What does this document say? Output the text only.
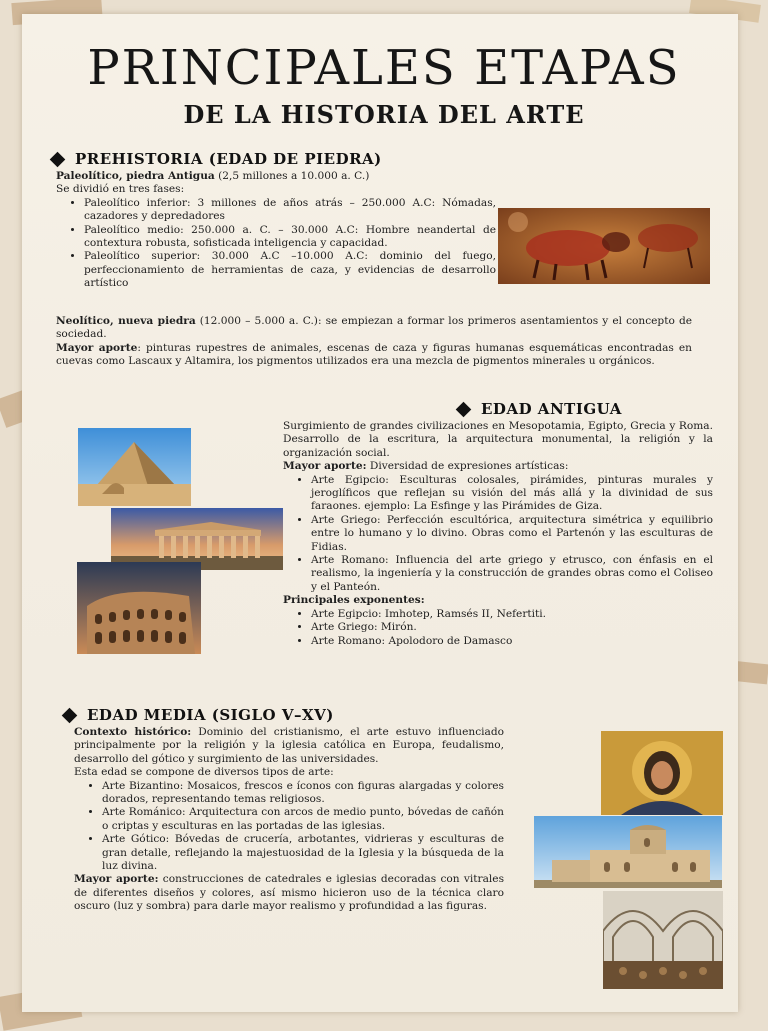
PRINCIPALES ETAPAS
DE LA HISTORIA DEL ARTE
PREHISTORIA (EDAD DE PIEDRA)

Paleolítico, piedra Antigua (2,5 millones a 10.000 a. C.)

Se dividió en tres fases:

• Paleolítico inferior: 3 millones de años atrás – 250.000 A.C: Nómadas, cazadores y depredadores
• Paleolítico medio: 250.000 a. C. – 30.000 A.C: Hombre neandertal de contextura robusta, sofisticada inteligencia y capacidad.
• Paleolítico superior: 30.000 A.C –10.000 A.C: dominio del fuego, perfeccionamiento de herramientas de caza, y evidencias de desarrollo artístico

Neolítico, nueva piedra (12.000 – 5.000 a. C.): se empiezan a formar los primeros asentamientos y el concepto de sociedad.

Mayor aporte: pinturas rupestres de animales, escenas de caza y figuras humanas esquemáticas encontradas en cuevas como Lascaux y Altamira, los pigmentos utilizados era una mezcla de pigmentos minerales u orgánicos.

EDAD ANTIGUA

Surgimiento de grandes civilizaciones en Mesopotamia, Egipto, Grecia y Roma. Desarrollo de la escritura, la arquitectura monumental, la religión y la organización social.

Mayor aporte: Diversidad de expresiones artísticas:

• Arte Egipcio: Esculturas colosales, pirámides, pinturas murales y jeroglíficos que reflejan su visión del más allá y la divinidad de sus faraones. ejemplo: La Esfinge y las Pirámides de Giza.
• Arte Griego: Perfección escultórica, arquitectura simétrica y equilibrio entre lo humano y lo divino. Obras como el Partenón y las esculturas de Fidias.
• Arte Romano: Influencia del arte griego y etrusco, con énfasis en el realismo, la ingeniería y la construcción de grandes obras como el Coliseo y el Panteón.

Principales exponentes:

• Arte Egipcio: Imhotep, Ramsés II, Nefertiti.
• Arte Griego: Mirón.
• Arte Romano: Apolodoro de Damasco
EDAD MEDIA (SIGLO V–XV)

Contexto histórico: Dominio del cristianismo, el arte estuvo influenciado principalmente por la religión y la iglesia católica en Europa, feudalismo, desarrollo del gótico y surgimiento de las universidades.

Esta edad se compone de diversos tipos de arte:

• Arte Bizantino: Mosaicos, frescos e íconos con figuras alargadas y colores dorados, representando temas religiosos.
• Arte Románico: Arquitectura con arcos de medio punto, bóvedas de cañón o criptas y esculturas en las portadas de las iglesias.
• Arte Gótico: Bóvedas de crucería, arbotantes, vidrieras y esculturas de gran detalle, reflejando la majestuosidad de la Iglesia y la búsqueda de la luz divina.

Mayor aporte: construcciones de catedrales e iglesias decoradas con vitrales de diferentes diseños y colores, así mismo hicieron uso de la técnica claro oscuro (luz y sombra) para darle mayor realismo y profundidad a las figuras.
